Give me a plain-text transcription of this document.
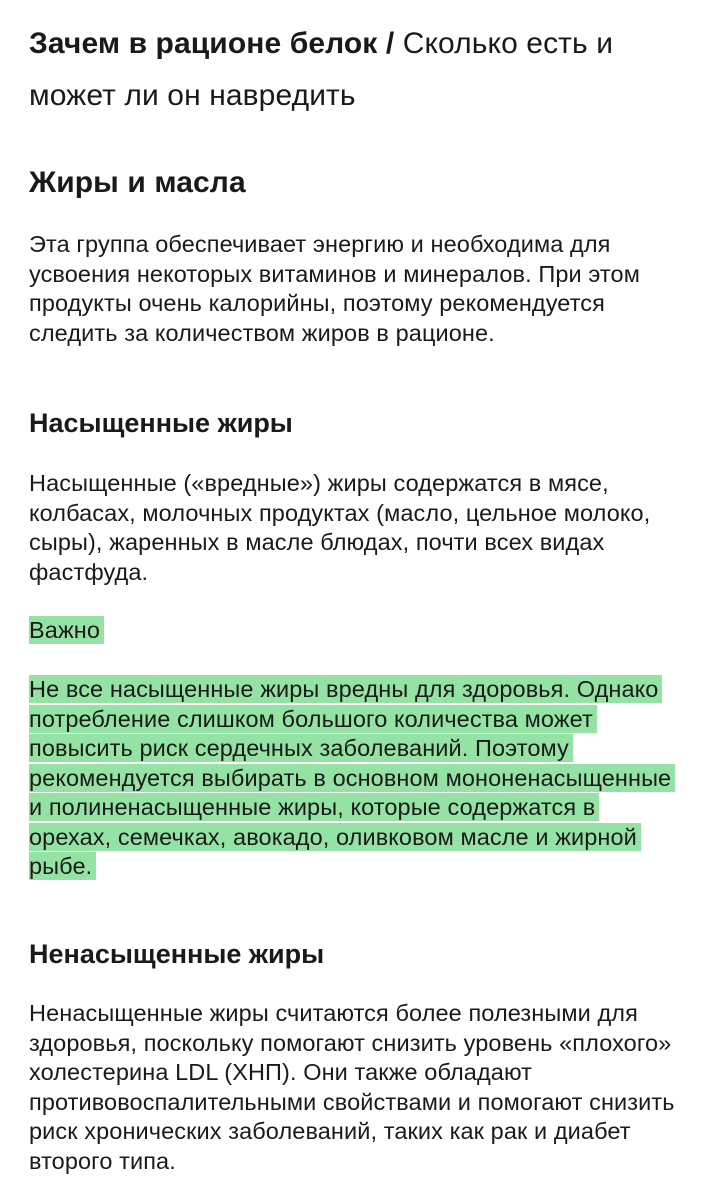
Зачем в рационе белок / Сколько есть и может ли он навредить
Жиры и масла

Эта группа обеспечивает энергию и необходима для усвоения некоторых витаминов и минералов. При этом продукты очень калорийны, поэтому рекомендуется следить за количеством жиров в рационе.

Насыщенные жиры

Насыщенные («вредные») жиры содержатся в мясе, колбасах, молочных продуктах (масло, цельное молоко, сыры), жаренных в масле блюдах, почти всех видах фастфуда.

Важно

Не все насыщенные жиры вредны для здоровья. Однако потребление слишком большого количества может повысить риск сердечных заболеваний. Поэтому рекомендуется выбирать в основном мононенасыщенные и полиненасыщенные жиры, которые содержатся в орехах, семечках, авокадо, оливковом масле и жирной рыбе.

Ненасыщенные жиры

Ненасыщенные жиры считаются более полезными для здоровья, поскольку помогают снизить уровень «плохого» холестерина LDL (ХНП). Они также обладают противовоспалительными свойствами и помогают снизить риск хронических заболеваний, таких как рак и диабет второго типа.
